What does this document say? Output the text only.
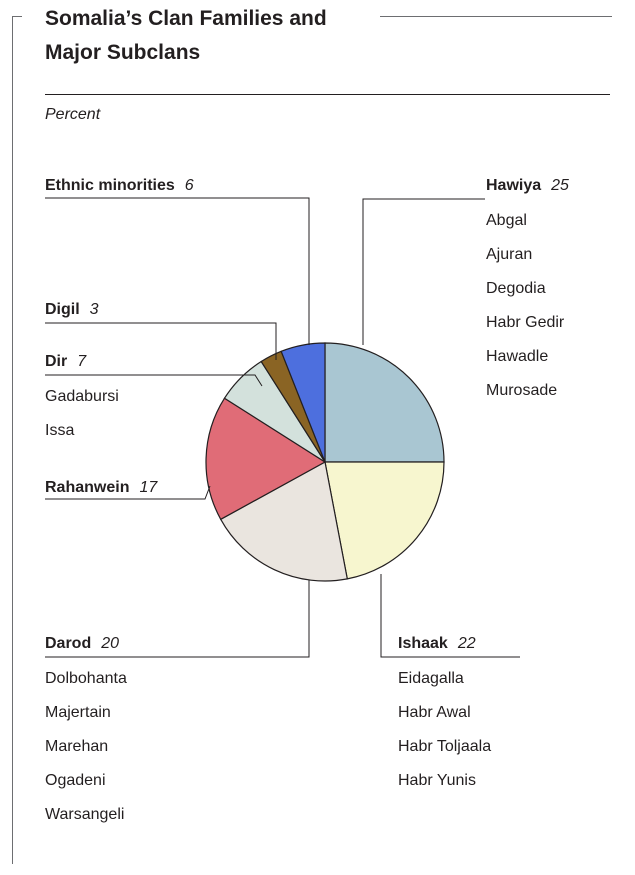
Somalia’s Clan Families and
Major Subclans
Percent
Hawiya 25
Abgal
Ajuran
Degodia
Habr Gedir
Hawadle
Murosade
Ishaak 22
Eidagalla
Habr Awal
Habr Toljaala
Habr Yunis
Darod 20
Dolbohanta
Majertain
Marehan
Ogadeni
Warsangeli
Rahanwein 17
Dir 7
Gadabursi
Issa
Digil 3
Ethnic minorities 6
